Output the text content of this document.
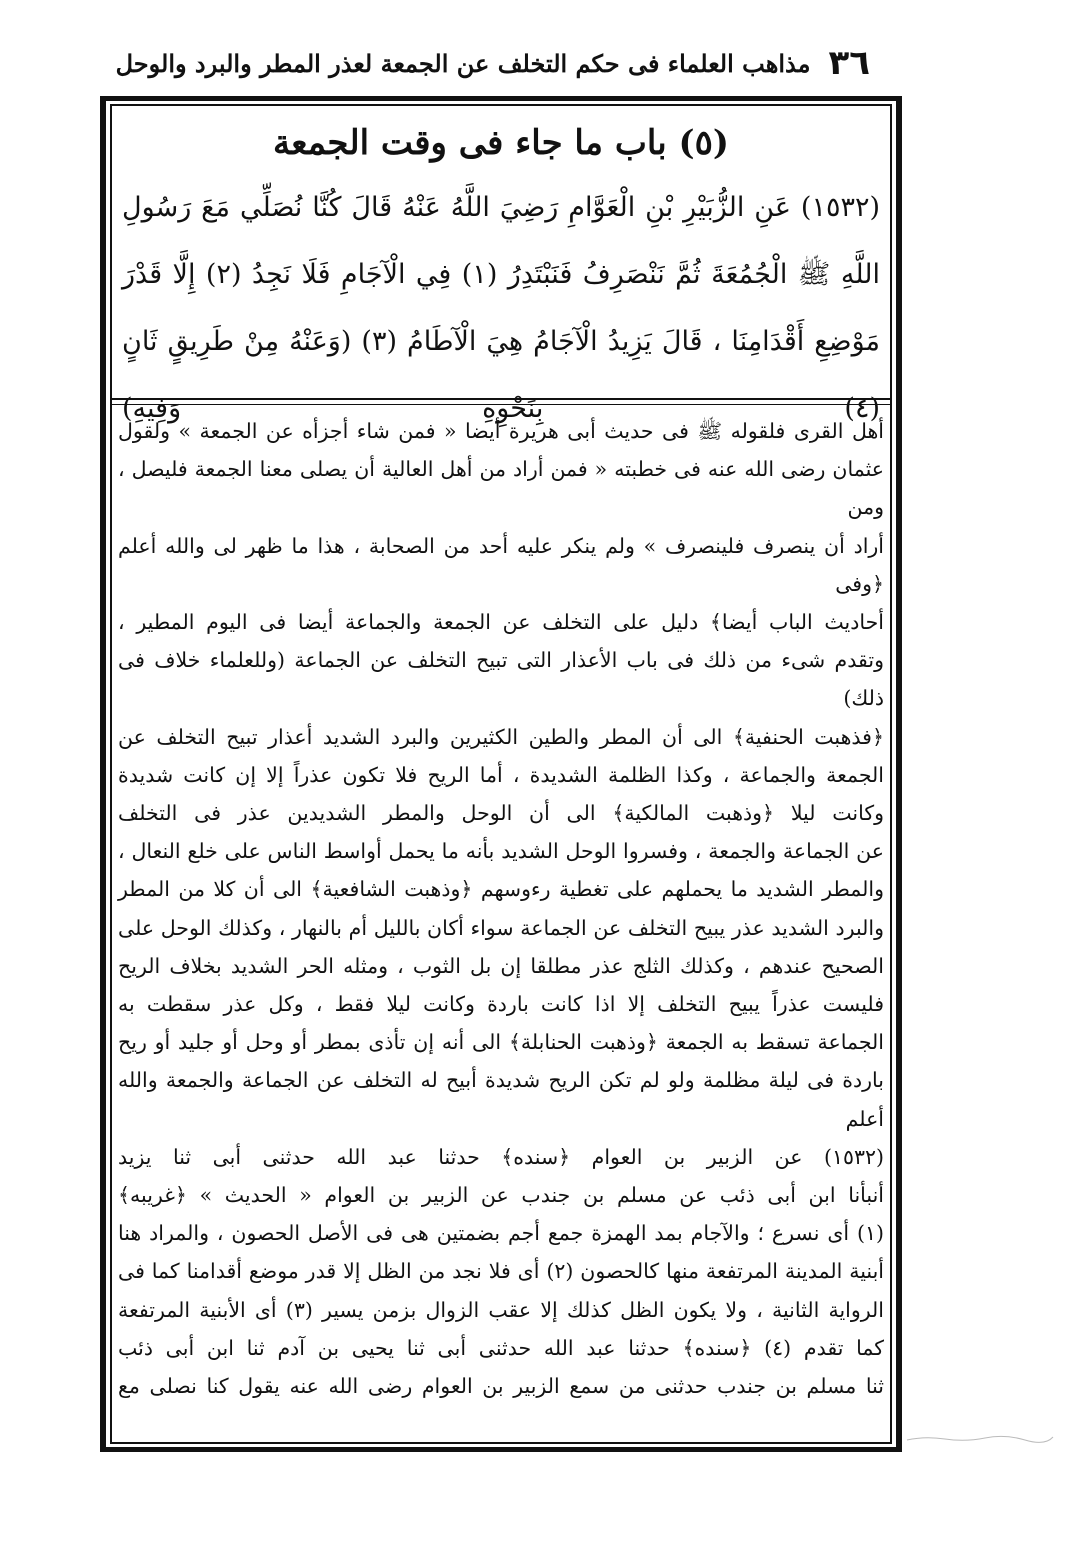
٣٦
مذاهب العلماء فى حكم التخلف عن الجمعة لعذر المطر والبرد والوحل
(٥) باب ما جاء فى وقت الجمعة

(١٥٣٢) عَنِ الزُّبَيْرِ بْنِ الْعَوَّامِ رَضِيَ اللَّهُ عَنْهُ قَالَ كُنَّا نُصَلِّي مَعَ رَسُولِ اللَّهِ ﷺ الْجُمُعَةَ ثُمَّ نَنْصَرِفُ فَنَبْتَدِرُ (١) فِي الْآجَامِ فَلَا نَجِدُ (٢) إِلَّا قَدْرَ مَوْضِعِ أَقْدَامِنَا ، قَالَ يَزِيدُ الْآجَامُ هِيَ الْآطَامُ (٣) (وَعَنْهُ مِنْ طَرِيقٍ ثَانٍ (٤) بِنَحْوِهِ وَفِيهِ)

أهل القرى فلقوله ﷺ فى حديث أبى هريرة أيضا « فمن شاء أجزأه عن الجمعة » ولقول

عثمان رضى الله عنه فى خطبته « فمن أراد من أهل العالية أن يصلى معنا الجمعة فليصل ، ومن

أراد أن ينصرف فلينصرف » ولم ينكر عليه أحد من الصحابة ، هذا ما ظهر لى والله أعلم ﴿وفى

أحاديث الباب أيضا﴾ دليل على التخلف عن الجمعة والجماعة أيضا فى اليوم المطير ،

وتقدم شىء من ذلك فى باب الأعذار التى تبيح التخلف عن الجماعة (وللعلماء خلاف فى ذلك)

﴿فذهبت الحنفية﴾ الى أن المطر والطين الكثيرين والبرد الشديد أعذار تبيح التخلف عن

الجمعة والجماعة ، وكذا الظلمة الشديدة ، أما الريح فلا تكون عذراً إلا إن كانت شديدة

وكانت ليلا ﴿وذهبت المالكية﴾ الى أن الوحل والمطر الشديدين عذر فى التخلف

عن الجماعة والجمعة ، وفسروا الوحل الشديد بأنه ما يحمل أواسط الناس على خلع النعال ،

والمطر الشديد ما يحملهم على تغطية رءوسهم ﴿وذهبت الشافعية﴾ الى أن كلا من المطر

والبرد الشديد عذر يبيح التخلف عن الجماعة سواء أكان بالليل أم بالنهار ، وكذلك الوحل على

الصحيح عندهم ، وكذلك الثلج عذر مطلقا إن بل الثوب ، ومثله الحر الشديد بخلاف الريح

فليست عذراً يبيح التخلف إلا اذا كانت باردة وكانت ليلا فقط ، وكل عذر سقطت به

الجماعة تسقط به الجمعة ﴿وذهبت الحنابلة﴾ الى أنه إن تأذى بمطر أو وحل أو جليد أو ريح

باردة فى ليلة مظلمة ولو لم تكن الريح شديدة أبيح له التخلف عن الجماعة والجمعة والله أعلم

(١٥٣٢) عن الزبير بن العوام ﴿سنده﴾ حدثنا عبد الله حدثنى أبى ثنا يزيد

أنبأنا ابن أبى ذئب عن مسلم بن جندب عن الزبير بن العوام « الحديث » ﴿غريبه﴾

(١) أى نسرع ؛ والآجام بمد الهمزة جمع أجم بضمتين هى فى الأصل الحصون ، والمراد هنا

أبنية المدينة المرتفعة منها كالحصون (٢) أى فلا نجد من الظل إلا قدر موضع أقدامنا كما فى

الرواية الثانية ، ولا يكون الظل كذلك إلا عقب الزوال بزمن يسير (٣) أى الأبنية المرتفعة

كما تقدم (٤) ﴿سنده﴾ حدثنا عبد الله حدثنى أبى ثنا يحيى بن آدم ثنا ابن أبى ذئب

ثنا مسلم بن جندب حدثنى من سمع الزبير بن العوام رضى الله عنه يقول كنا نصلى مع
